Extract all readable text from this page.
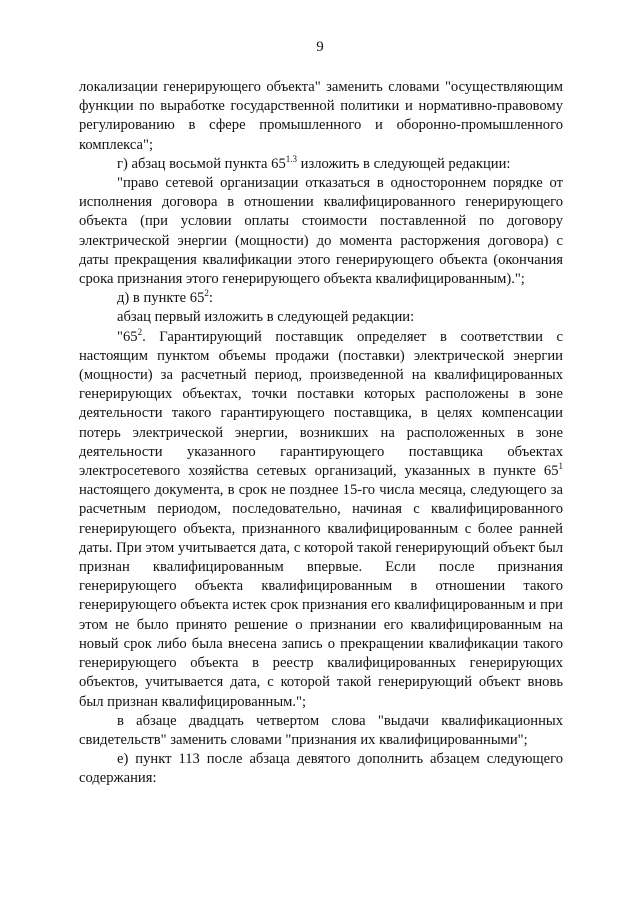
9

локализации генерирующего объекта" заменить словами "осуществляющим функции по выработке государственной политики и нормативно-правовому регулированию в сфере промышленного и оборонно-промышленного комплекса";

г) абзац восьмой пункта $65^{1.3}$ изложить в следующей редакции:

"право сетевой организации отказаться в одностороннем порядке от исполнения договора в отношении квалифицированного генерирующего объекта (при условии оплаты стоимости поставленной по договору электрической энергии (мощности) до момента расторжения договора) с даты прекращения квалификации этого генерирующего объекта (окончания срока признания этого генерирующего объекта квалифицированным).";

д) в пункте $65^2$:

абзац первый изложить в следующей редакции:

"$65^2$. Гарантирующий поставщик определяет в соответствии с настоящим пунктом объемы продажи (поставки) электрической энергии (мощности) за расчетный период, произведенной на квалифицированных генерирующих объектах, точки поставки которых расположены в зоне деятельности такого гарантирующего поставщика, в целях компенсации потерь электрической энергии, возникших на расположенных в зоне деятельности указанного гарантирующего поставщика объектах электросетевого хозяйства сетевых организаций, указанных в пункте $65^1$ настоящего документа, в срок не позднее 15-го числа месяца, следующего за расчетным периодом, последовательно, начиная с квалифицированного генерирующего объекта, признанного квалифицированным с более ранней даты. При этом учитывается дата, с которой такой генерирующий объект был признан квалифицированным впервые. Если после признания генерирующего объекта квалифицированным в отношении такого генерирующего объекта истек срок признания его квалифицированным и при этом не было принято решение о признании его квалифицированным на новый срок либо была внесена запись о прекращении квалификации такого генерирующего объекта в реестр квалифицированных генерирующих объектов, учитывается дата, с которой такой генерирующий объект вновь был признан квалифицированным.";

в абзаце двадцать четвертом слова "выдачи квалификационных свидетельств" заменить словами "признания их квалифицированными";

е) пункт 113 после абзаца девятого дополнить абзацем следующего содержания:
